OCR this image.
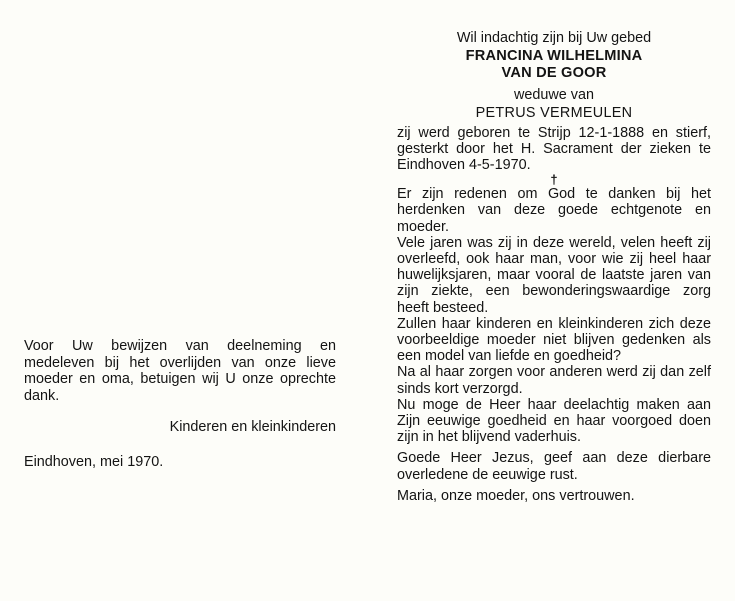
Voor Uw bewijzen van deelneming en medeleven bij het overlijden van onze lieve moeder en oma, betuigen wij U onze oprechte dank.

Kinderen en kleinkinderen

Eindhoven, mei 1970.

Wil indachtig zijn bij Uw gebed

FRANCINA WILHELMINA

VAN DE GOOR

weduwe van

PETRUS VERMEULEN

zij werd geboren te Strijp 12-1-1888 en stierf, gesterkt door het H. Sacrament der zieken te Eindhoven 4-5-1970.

†

Er zijn redenen om God te danken bij het herdenken van deze goede echtgenote en moeder.

Vele jaren was zij in deze wereld, velen heeft zij overleefd, ook haar man, voor wie zij heel haar huwelijksjaren, maar vooral de laatste jaren van zijn ziekte, een bewonderingswaardige zorg heeft besteed.

Zullen haar kinderen en kleinkinderen zich deze voorbeeldige moeder niet blijven gedenken als een model van liefde en goedheid?

Na al haar zorgen voor anderen werd zij dan zelf sinds kort verzorgd.

Nu moge de Heer haar deelachtig maken aan Zijn eeuwige goedheid en haar voorgoed doen zijn in het blijvend vaderhuis.

Goede Heer Jezus, geef aan deze dierbare overledene de eeuwige rust.

Maria, onze moeder, ons vertrouwen.
